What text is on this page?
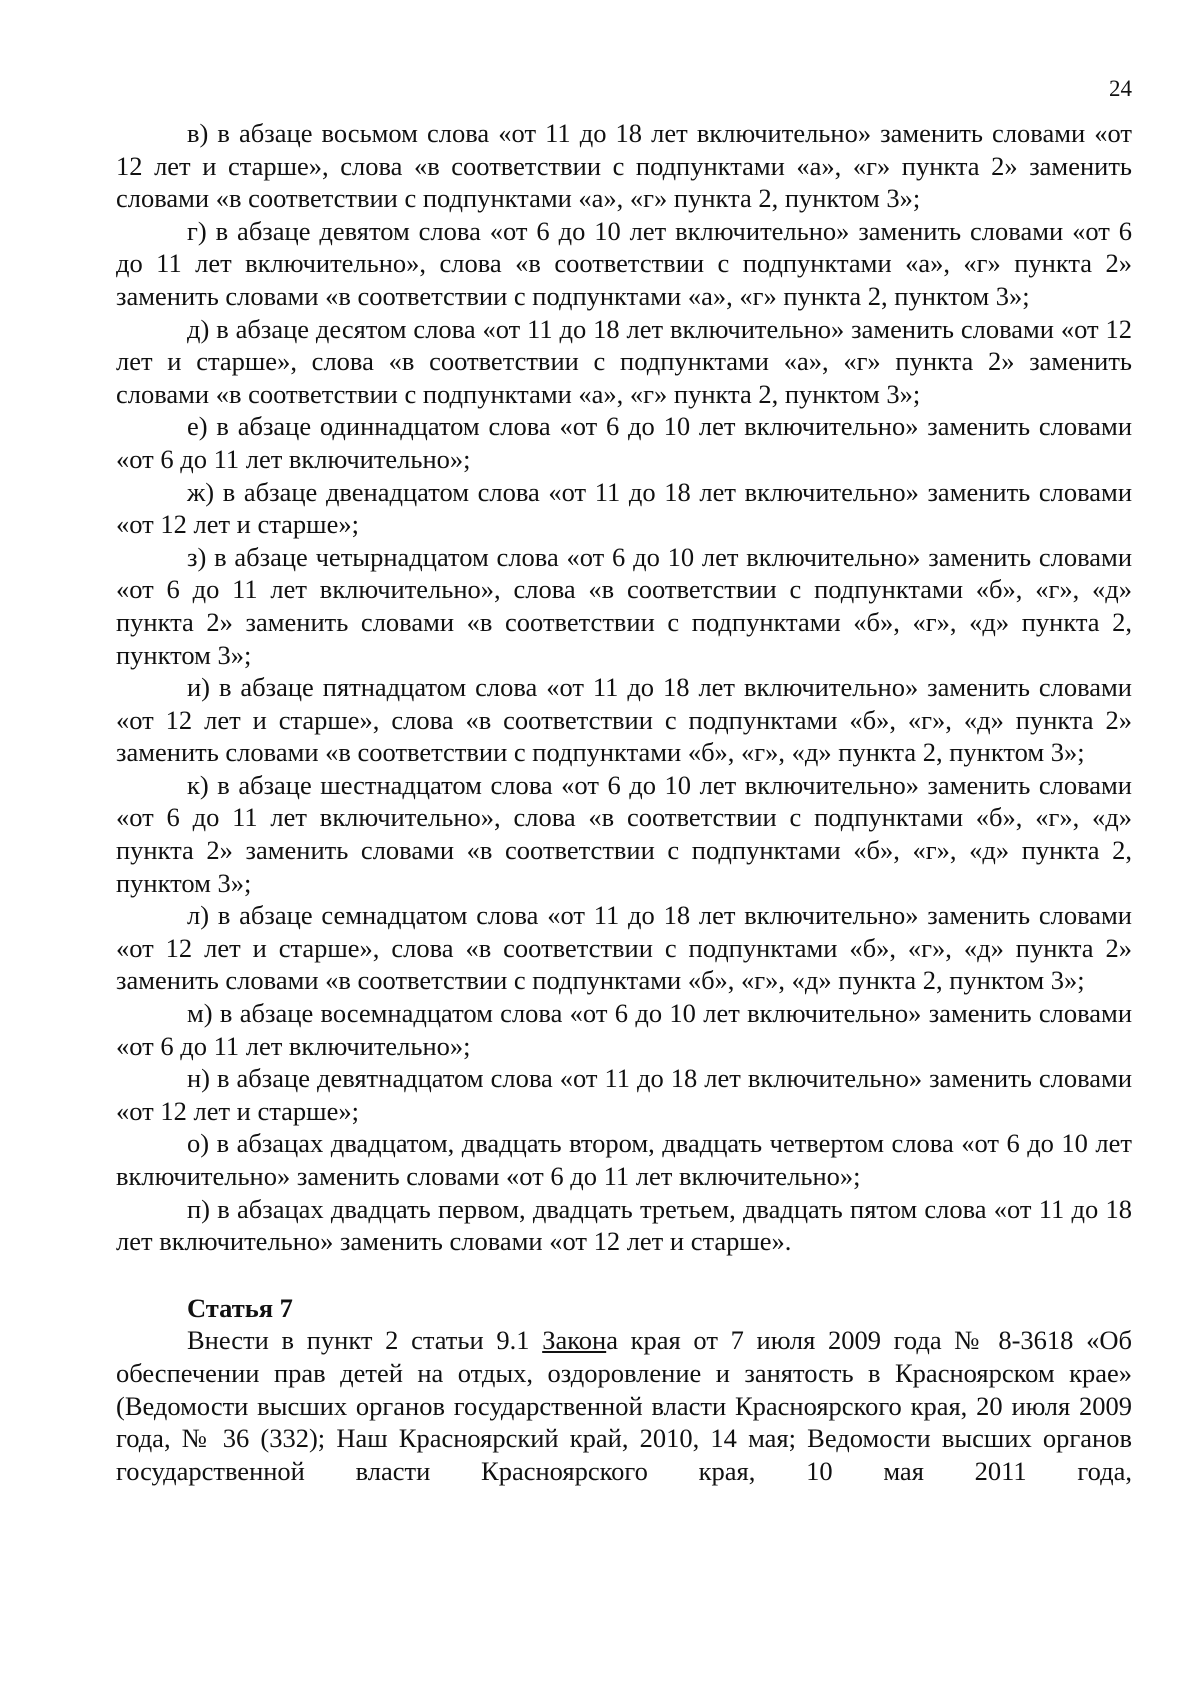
24

в) в абзаце восьмом слова «от 11 до 18 лет включительно» заменить словами «от 12 лет и старше», слова «в соответствии с подпунктами «а», «г» пункта 2» заменить словами «в соответствии с подпунктами «а», «г» пункта 2, пунктом 3»;

г) в абзаце девятом слова «от 6 до 10 лет включительно» заменить словами «от 6 до 11 лет включительно», слова «в соответствии с подпунктами «а», «г» пункта 2» заменить словами «в соответствии с подпунктами «а», «г» пункта 2, пунктом 3»;

д) в абзаце десятом слова «от 11 до 18 лет включительно» заменить словами «от 12 лет и старше», слова «в соответствии с подпунктами «а», «г» пункта 2» заменить словами «в соответствии с подпунктами «а», «г» пункта 2, пунктом 3»;

е) в абзаце одиннадцатом слова «от 6 до 10 лет включительно» заменить словами «от 6 до 11 лет включительно»;

ж) в абзаце двенадцатом слова «от 11 до 18 лет включительно» заменить словами «от 12 лет и старше»;

з) в абзаце четырнадцатом слова «от 6 до 10 лет включительно» заменить словами «от 6 до 11 лет включительно», слова «в соответствии с подпунктами «б», «г», «д» пункта 2» заменить словами «в соответствии с подпунктами «б», «г», «д» пункта 2, пунктом 3»;

и) в абзаце пятнадцатом слова «от 11 до 18 лет включительно» заменить словами «от 12 лет и старше», слова «в соответствии с подпунктами «б», «г», «д» пункта 2» заменить словами «в соответствии с подпунктами «б», «г», «д» пункта 2, пунктом 3»;

к) в абзаце шестнадцатом слова «от 6 до 10 лет включительно» заменить словами «от 6 до 11 лет включительно», слова «в соответствии с подпунктами «б», «г», «д» пункта 2» заменить словами «в соответствии с подпунктами «б», «г», «д» пункта 2, пунктом 3»;

л) в абзаце семнадцатом слова «от 11 до 18 лет включительно» заменить словами «от 12 лет и старше», слова «в соответствии с подпунктами «б», «г», «д» пункта 2» заменить словами «в соответствии с подпунктами «б», «г», «д» пункта 2, пунктом 3»;

м) в абзаце восемнадцатом слова «от 6 до 10 лет включительно» заменить словами «от 6 до 11 лет включительно»;

н) в абзаце девятнадцатом слова «от 11 до 18 лет включительно» заменить словами «от 12 лет и старше»;

о) в абзацах двадцатом, двадцать втором, двадцать четвертом слова «от 6 до 10 лет включительно» заменить словами «от 6 до 11 лет включительно»;

п) в абзацах двадцать первом, двадцать третьем, двадцать пятом слова «от 11 до 18 лет включительно» заменить словами «от 12 лет и старше».

Статья 7

Внести в пункт 2 статьи 9.1 Закона края от 7 июля 2009 года № 8-3618 «Об обеспечении прав детей на отдых, оздоровление и занятость в Красноярском крае» (Ведомости высших органов государственной власти Красноярского края, 20 июля 2009 года, № 36 (332); Наш Красноярский край, 2010, 14 мая; Ведомости высших органов государственной власти Красноярского края, 10 мая 2011 года,
